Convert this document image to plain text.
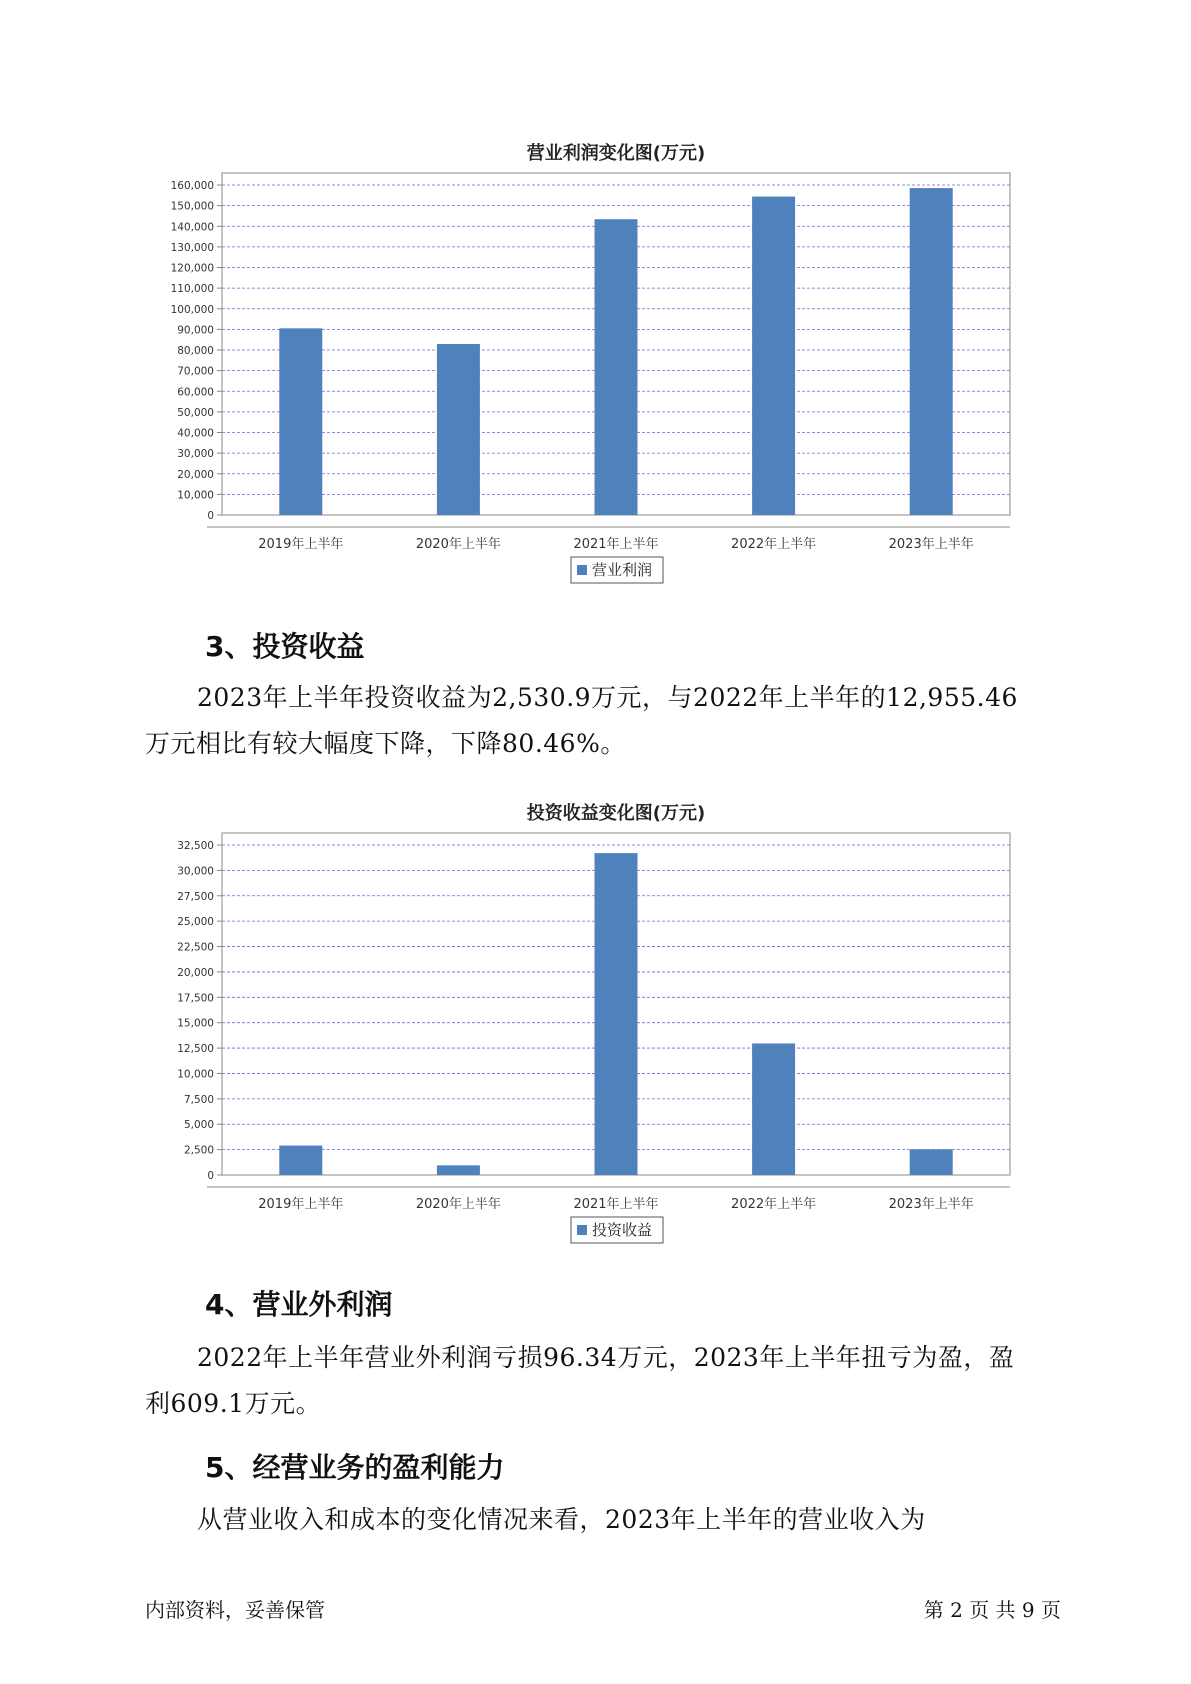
营业利润变化图(万元)
0
10,000
20,000
30,000
40,000
50,000
60,000
70,000
80,000
90,000
100,000
110,000
120,000
130,000
140,000
150,000
160,000
2019年上半年	2020年上半年	2021年上半年	2022年上半年	2023年上半年
营业利润
3、投资收益

2023年上半年投资收益为2,530.9万元，与2022年上半年的12,955.46
万元相比有较大幅度下降，下降80.46%。

投资收益变化图(万元)
0
2,500
5,000
7,500
10,000
12,500
15,000
17,500
20,000
22,500
25,000
27,500
30,000
32,500
2019年上半年	2020年上半年	2021年上半年	2022年上半年	2023年上半年
投资收益
4、营业外利润

2022年上半年营业外利润亏损96.34万元，2023年上半年扭亏为盈，盈
利609.1万元。

5、经营业务的盈利能力

从营业收入和成本的变化情况来看，2023年上半年的营业收入为

内部资料，妥善保管	第 2 页 共 9 页
